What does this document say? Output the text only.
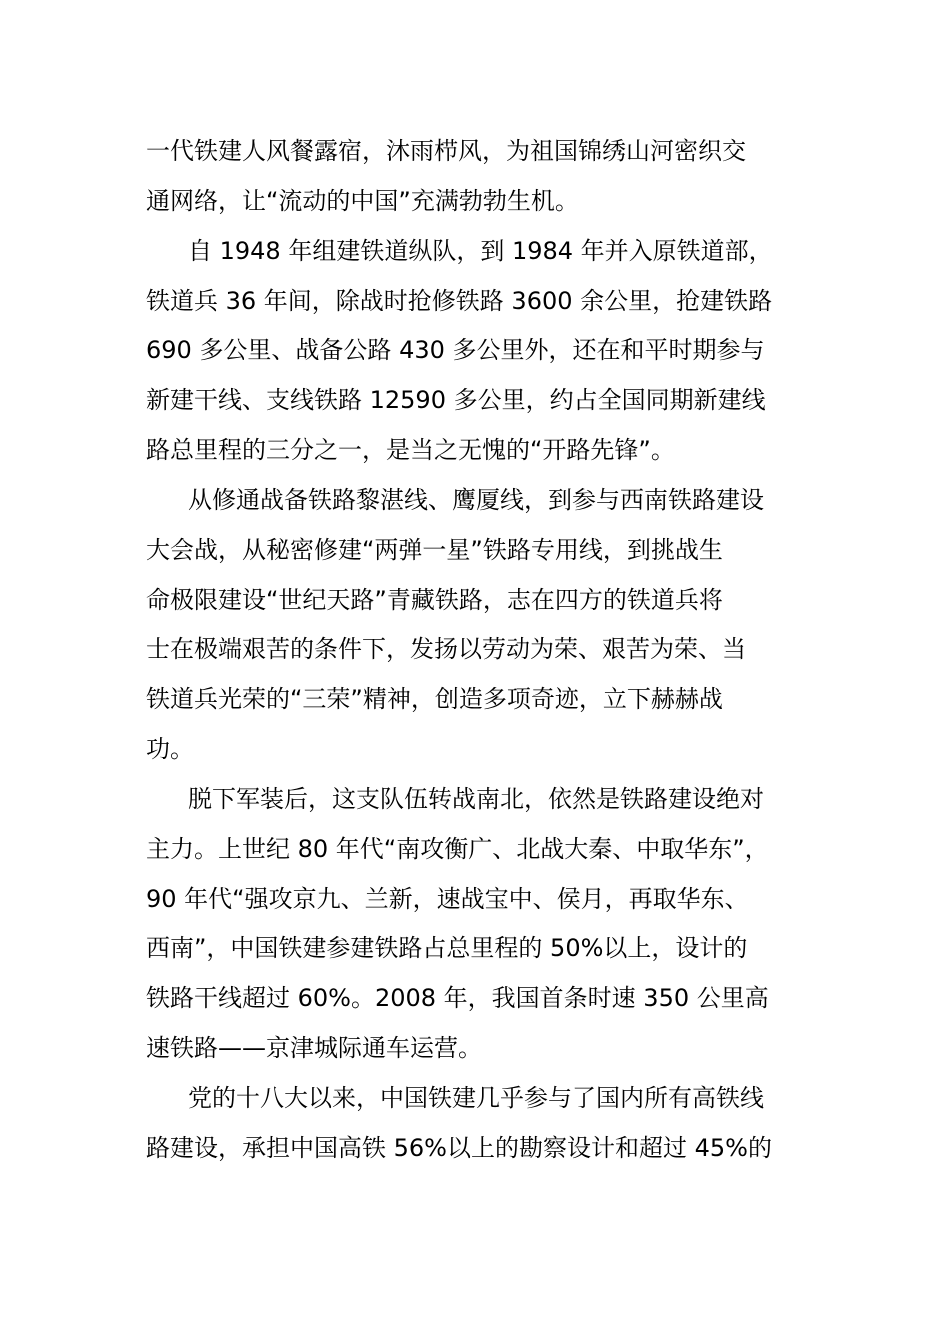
一代铁建人风餐露宿，沐雨栉风，为祖国锦绣山河密织交

通网络，让“流动的中国”充满勃勃生机。

自 1948 年组建铁道纵队，到 1984 年并入原铁道部，

铁道兵 36 年间，除战时抢修铁路 3600 余公里，抢建铁路

690 多公里、战备公路 430 多公里外，还在和平时期参与

新建干线、支线铁路 12590 多公里，约占全国同期新建线

路总里程的三分之一，是当之无愧的“开路先锋”。

从修通战备铁路黎湛线、鹰厦线，到参与西南铁路建设

大会战，从秘密修建“两弹一星”铁路专用线，到挑战生

命极限建设“世纪天路”青藏铁路，志在四方的铁道兵将

士在极端艰苦的条件下，发扬以劳动为荣、艰苦为荣、当

铁道兵光荣的“三荣”精神，创造多项奇迹，立下赫赫战

功。

脱下军装后，这支队伍转战南北，依然是铁路建设绝对

主力。上世纪 80 年代“南攻衡广、北战大秦、中取华东”，

90 年代“强攻京九、兰新，速战宝中、侯月，再取华东、

西南”，中国铁建参建铁路占总里程的 50%以上，设计的

铁路干线超过 60%。2008 年，我国首条时速 350 公里高

速铁路——京津城际通车运营。

党的十八大以来，中国铁建几乎参与了国内所有高铁线

路建设，承担中国高铁 56%以上的勘察设计和超过 45%的
